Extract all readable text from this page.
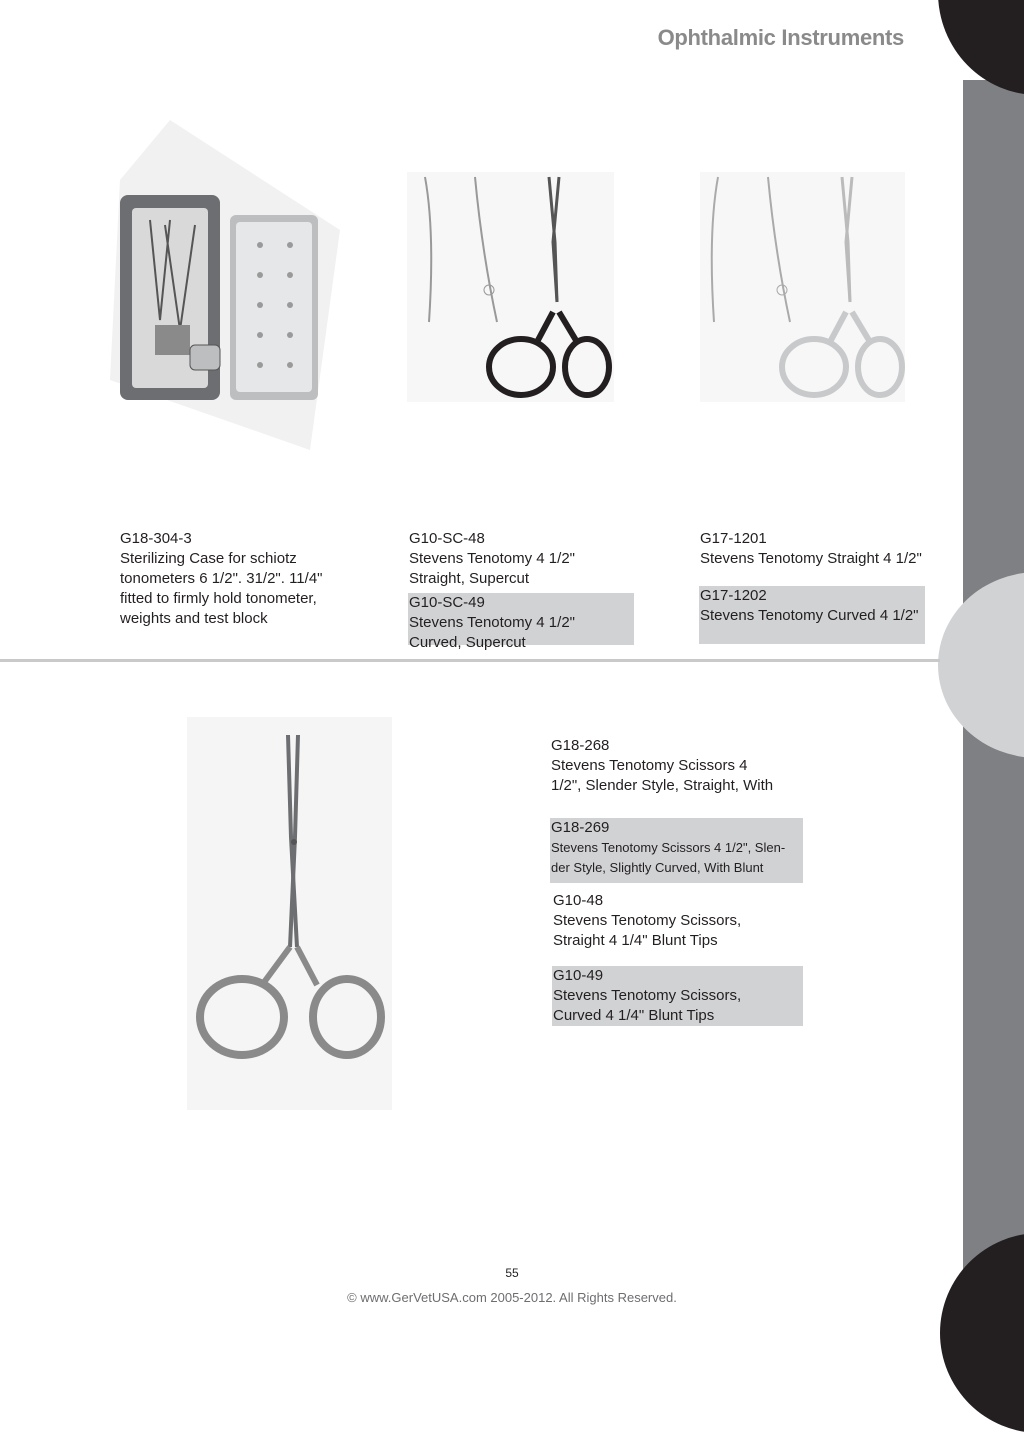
Ophthalmic Instruments
G18-304-3
Sterilizing Case for schiotz
tonometers 6 1/2". 31/2". 11/4"
fitted to firmly hold tonometer,
weights and test block
G10-SC-48
Stevens Tenotomy 4 1/2"
Straight, Supercut
G10-SC-49
Stevens Tenotomy 4 1/2"
Curved, Supercut
G17-1201
Stevens Tenotomy Straight 4 1/2"
G17-1202
Stevens Tenotomy Curved 4 1/2"
G18-268
Stevens Tenotomy Scissors 4
1/2", Slender Style, Straight, With
G18-269
Stevens Tenotomy Scissors 4 1/2", Slen-
der Style, Slightly Curved, With Blunt
G10-48
Stevens Tenotomy Scissors,
Straight 4 1/4" Blunt Tips
G10-49
Stevens Tenotomy Scissors,
Curved 4 1/4" Blunt Tips
55
© www.GerVetUSA.com 2005-2012. All Rights Reserved.
